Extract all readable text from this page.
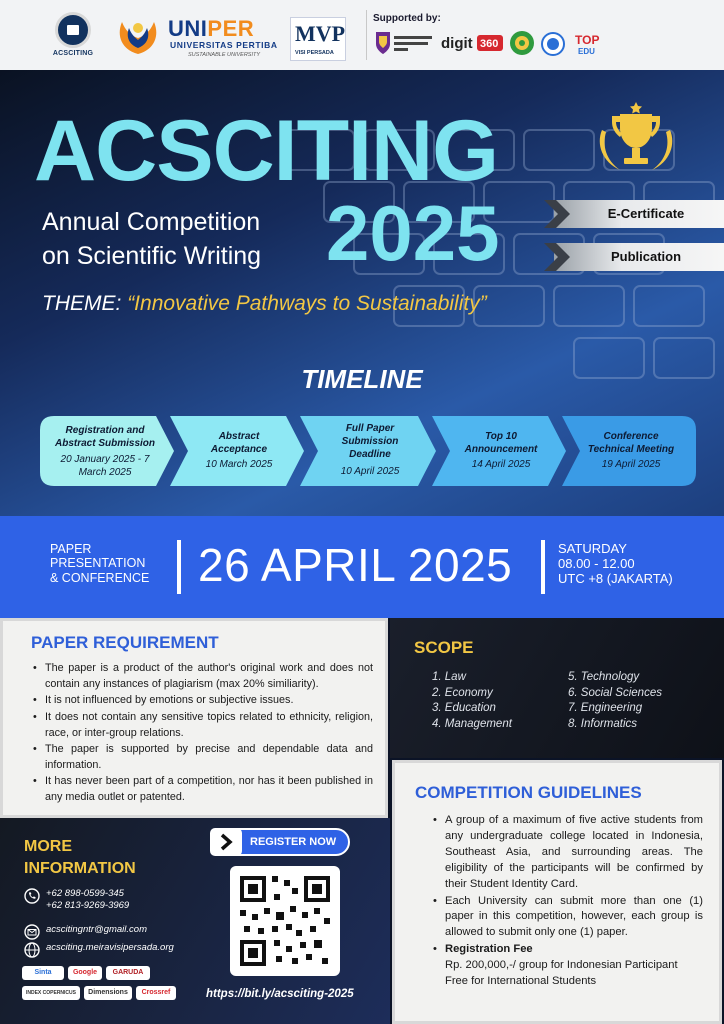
ACSCITING
UNIPER
UNIVERSITAS PERTIBA
SUSTAINABLE UNIVERSITY
MVP
VISI PERSADA
Supported by:
digit 360	TOP
EDU
ACSCITING
Annual Competition
on Scientific Writing 2025
THEME: “Innovative Pathways to Sustainability”
E-Certificate
Publication
TIMELINE
Registration and Abstract Submission
20 January 2025 - 7 March 2025
Abstract Acceptance
10 March 2025
Full Paper Submission Deadline
10 April 2025
Top 10 Announcement
14 April 2025
Conference Technical Meeting
19 April 2025
PAPER
PRESENTATION
& CONFERENCE 26 APRIL 2025	SATURDAY
08.00 - 12.00
UTC +8 (JAKARTA)
PAPER REQUIREMENT
• The paper is a product of the author's original work and does not contain any instances of plagiarism (max 20% similiarity).
• It is not influenced by emotions or subjective issues.
• It does not contain any sensitive topics related to ethnicity, religion, race, or inter-group relations.
• The paper is supported by precise and dependable data and information.
• It has never been part of a competition, nor has it been published in any media outlet or patented.
SCOPE
1. Law
2. Economy
3. Education
4. Management
5. Technology
6. Social Sciences
7. Engineering
8. Informatics
COMPETITION GUIDELINES
• A group of a maximum of five active students from any undergraduate college located in Indonesia, Southeast Asia, and surrounding areas. The eligibility of the participants will be confirmed by their Student Identity Card.
• Each University can submit more than one (1) paper in this competition, however, each group is allowed to submit only one (1) paper.
• Registration Fee
Rp. 200,000,-/ group for Indonesian Participant
Free for International Students
MORE INFORMATION
+62 898-0599-345
+62 813-9269-3969
acscitingntr@gmail.com
acsciting.meiravisipersada.org
Sinta	Google	GARUDA
INDEX COPERNICUS	Dimensions	Crossref
REGISTER NOW
https://bit.ly/acsciting-2025
